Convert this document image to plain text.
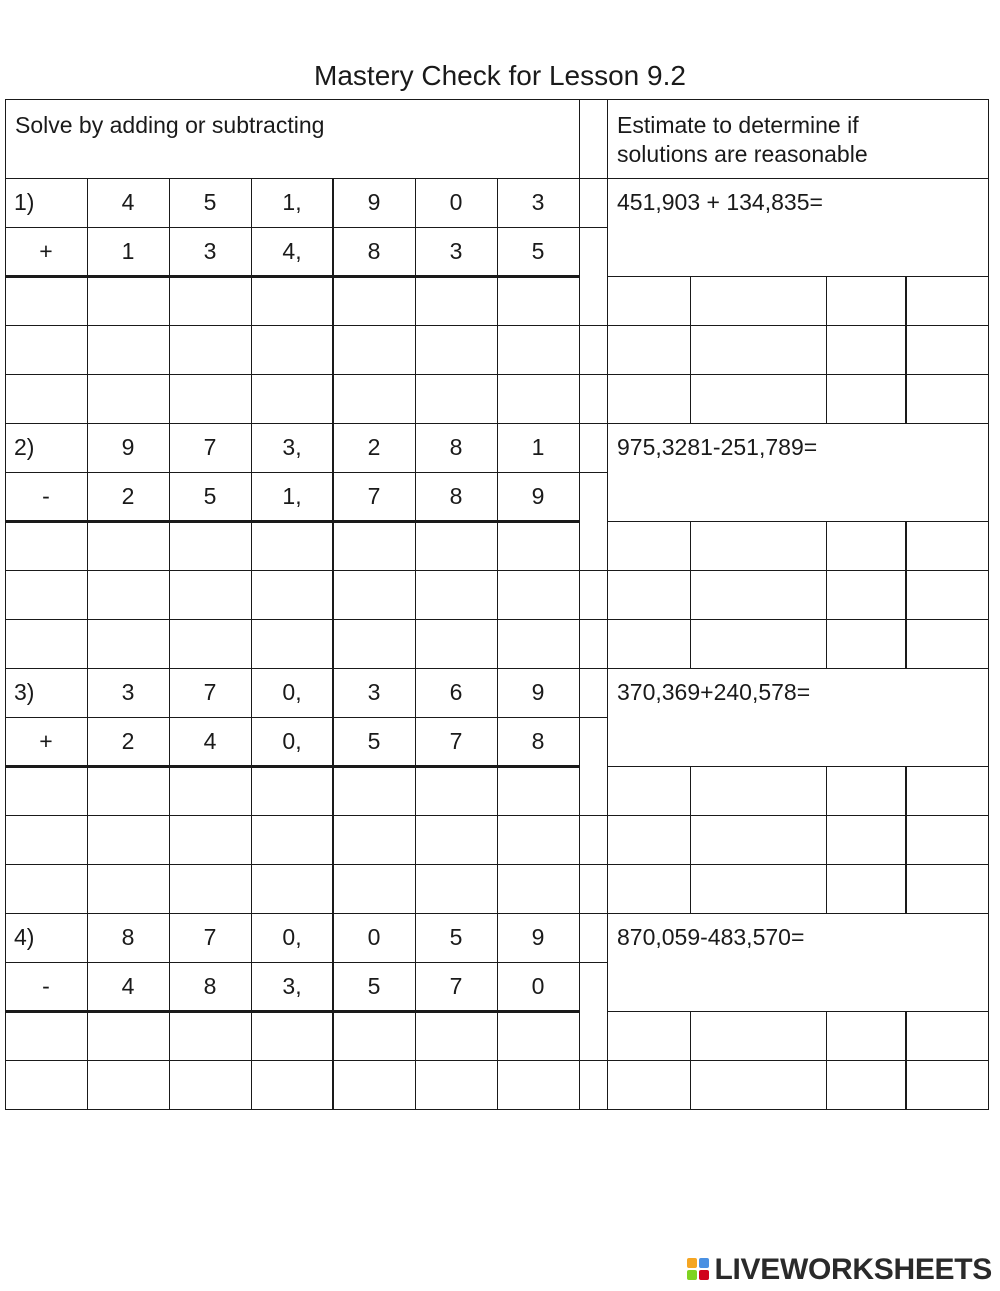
Mastery Check for Lesson 9.2
Solve by adding or subtracting	Estimate to determine if
solutions are reasonable
1)	4	5	1,	9	0	3
+	1	3	4,	8	3	5
451,903 + 134,835=
2)	9	7	3,	2	8	1
-	2	5	1,	7	8	9
975,3281-251,789=
3)	3	7	0,	3	6	9
+	2	4	0,	5	7	8
370,369+240,578=
4)	8	7	0,	0	5	9
-	4	8	3,	5	7	0
870,059-483,570=
LIVEWORKSHEETS
